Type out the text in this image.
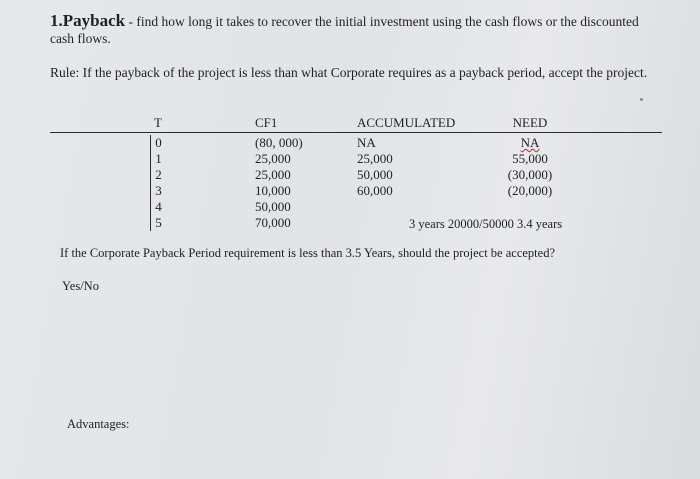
1.Payback - find how long it takes to recover the initial investment using the cash flows or the discounted cash flows.
Rule: If the payback of the project is less than what Corporate requires as a payback period, accept the project.
T
0
1
2
3
4
5
CF1
(80, 000)
25,000
25,000
10,000
50,000
70,000
ACCUMULATED
NA
25,000
50,000
60,000
NEED
NA
55,000
(30,000)
(20,000)
3 years 20000/50000 3.4 years
If the Corporate Payback Period requirement is less than 3.5 Years, should the project be accepted?
Yes/No
Advantages:
